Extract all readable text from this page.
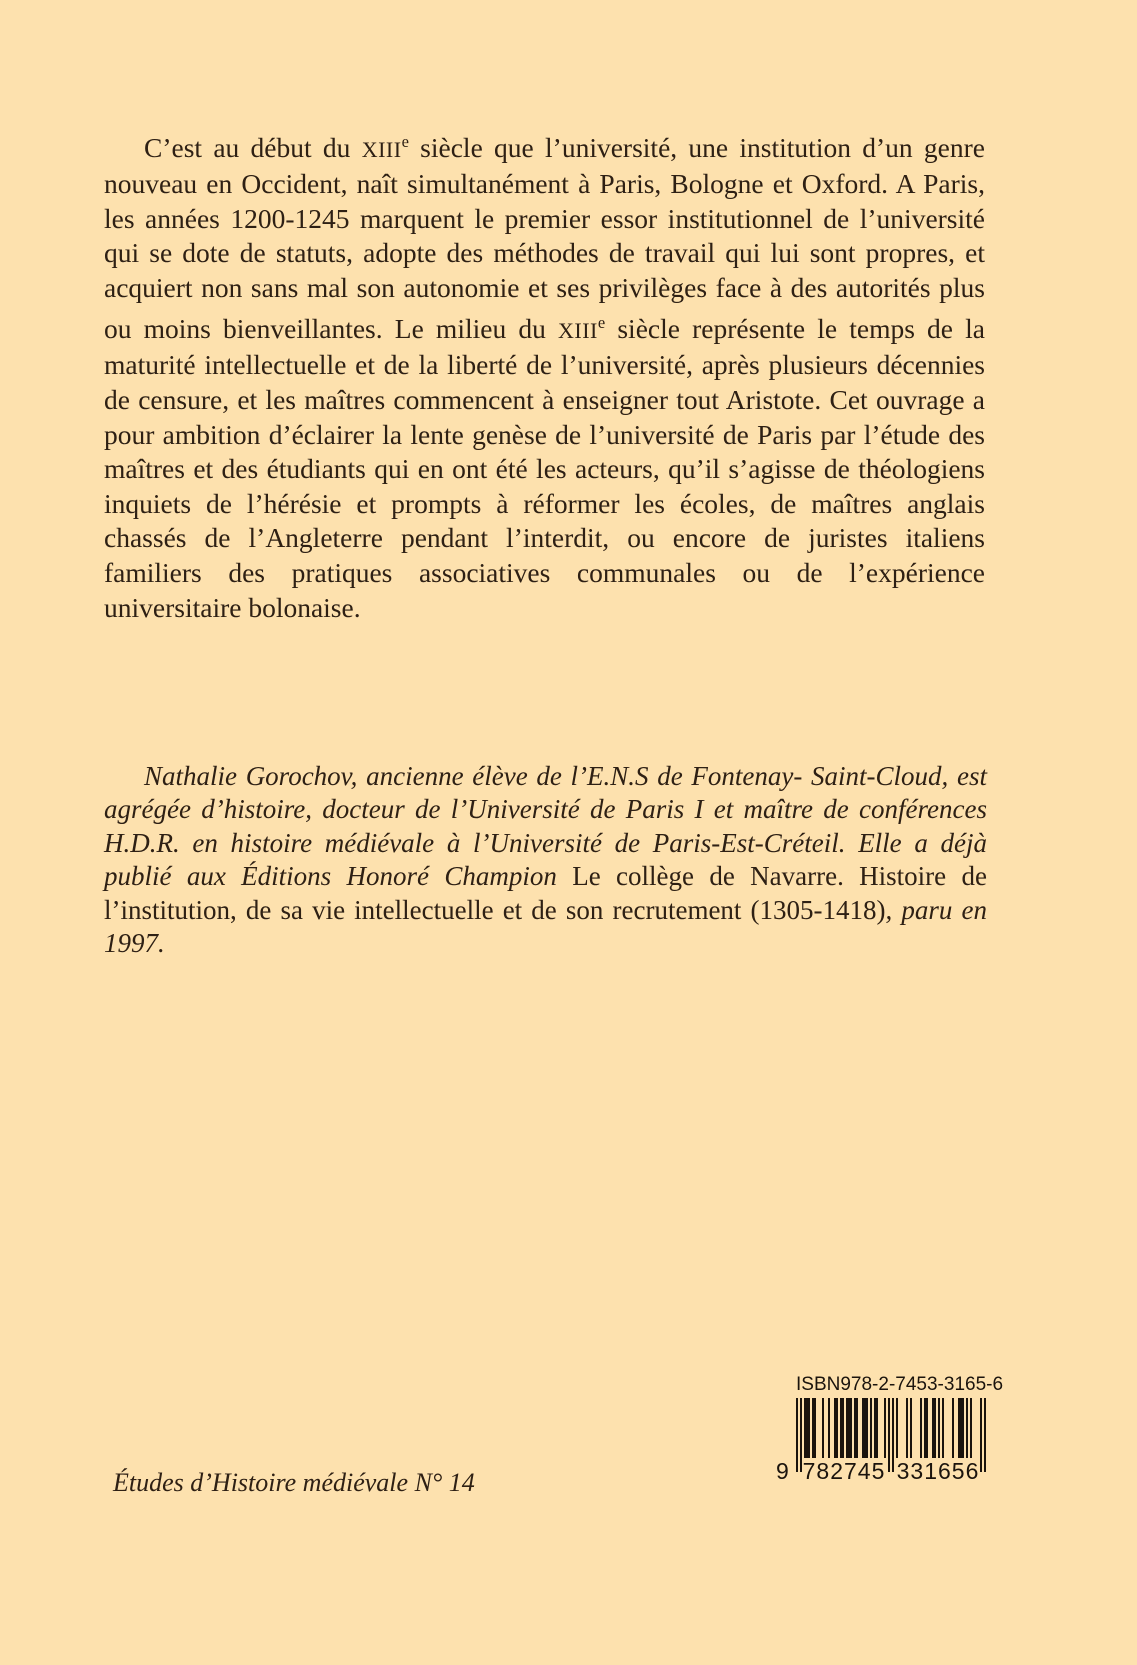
C’est au début du XIIIe siècle que l’université, une institution d’un genre nouveau en Occident, naît simultanément à Paris, Bologne et Oxford. A Paris, les années 1200-1245 marquent le premier essor institutionnel de l’université qui se dote de statuts, adopte des méthodes de travail qui lui sont propres, et acquiert non sans mal son autonomie et ses privilèges face à des autorités plus ou moins bienveillantes. Le milieu du XIIIe siècle représente le temps de la maturité intellectuelle et de la liberté de l’université, après plusieurs décennies de censure, et les maîtres commencent à enseigner tout Aristote. Cet ouvrage a pour ambition d’éclairer la lente genèse de l’université de Paris par l’étude des maîtres et des étudiants qui en ont été les acteurs, qu’il s’agisse de théologiens inquiets de l’hérésie et prompts à réformer les écoles, de maîtres anglais chassés de l’Angleterre pendant l’interdit, ou encore de juristes italiens familiers des pratiques associatives communales ou de l’expérience universitaire bolonaise.

Nathalie Gorochov, ancienne élève de l’E.N.S de Fontenay- Saint-Cloud, est agrégée d’histoire, docteur de l’Université de Paris I et maître de conférences H.D.R. en histoire médiévale à l’Université de Paris-Est-Créteil. Elle a déjà publié aux Éditions Honoré Champion Le collège de Navarre. Histoire de l’institution, de sa vie intellectuelle et de son recrutement (1305-1418), paru en 1997.

Études d’Histoire médiévale N° 14
ISBN 978-2-7453-3165-6
9 782745 331656
